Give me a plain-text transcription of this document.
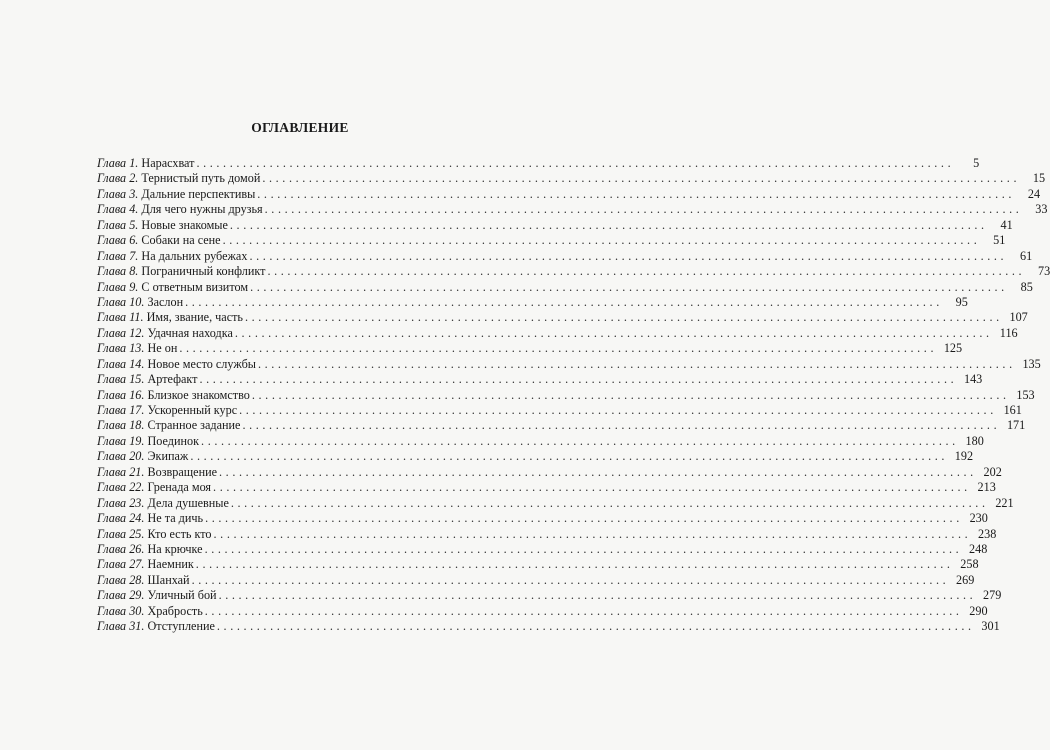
ОГЛАВЛЕНИЕ
Глава 1.
Нарасхват ..................................................................................................................	5
Глава 2.
Тернистый путь домой ..................................................................................................................	15
Глава 3.
Дальние перспективы ..................................................................................................................	24
Глава 4.
Для чего нужны друзья ..................................................................................................................	33
Глава 5.
Новые знакомые ..................................................................................................................	41
Глава 6.
Собаки на сене ..................................................................................................................	51
Глава 7.
На дальних рубежах ..................................................................................................................	61
Глава 8.
Пограничный конфликт ..................................................................................................................	73
Глава 9.
С ответным визитом ..................................................................................................................	85
Глава 10.
Заслон ..................................................................................................................	95
Глава 11.
Имя, звание, часть .................................................................................................................. 107
Глава 12.
Удачная находка .................................................................................................................. 116
Глава 13.
Не он .................................................................................................................. 125
Глава 14.
Новое место службы .................................................................................................................. 135
Глава 15.
Артефакт .................................................................................................................. 143
Глава 16.
Близкое знакомство .................................................................................................................. 153
Глава 17.
Ускоренный курс .................................................................................................................. 161
Глава 18.
Странное задание .................................................................................................................. 171
Глава 19.
Поединок .................................................................................................................. 180
Глава 20.
Экипаж .................................................................................................................. 192
Глава 21.
Возвращение .................................................................................................................. 202
Глава 22.
Гренада моя .................................................................................................................. 213
Глава 23.
Дела душевные .................................................................................................................. 221
Глава 24.
Не та дичь .................................................................................................................. 230
Глава 25.
Кто есть кто .................................................................................................................. 238
Глава 26.
На крючке .................................................................................................................. 248
Глава 27.
Наемник .................................................................................................................. 258
Глава 28.
Шанхай .................................................................................................................. 269
Глава 29.
Уличный бой .................................................................................................................. 279
Глава 30.
Храбрость .................................................................................................................. 290
Глава 31.
Отступление .................................................................................................................. 301
